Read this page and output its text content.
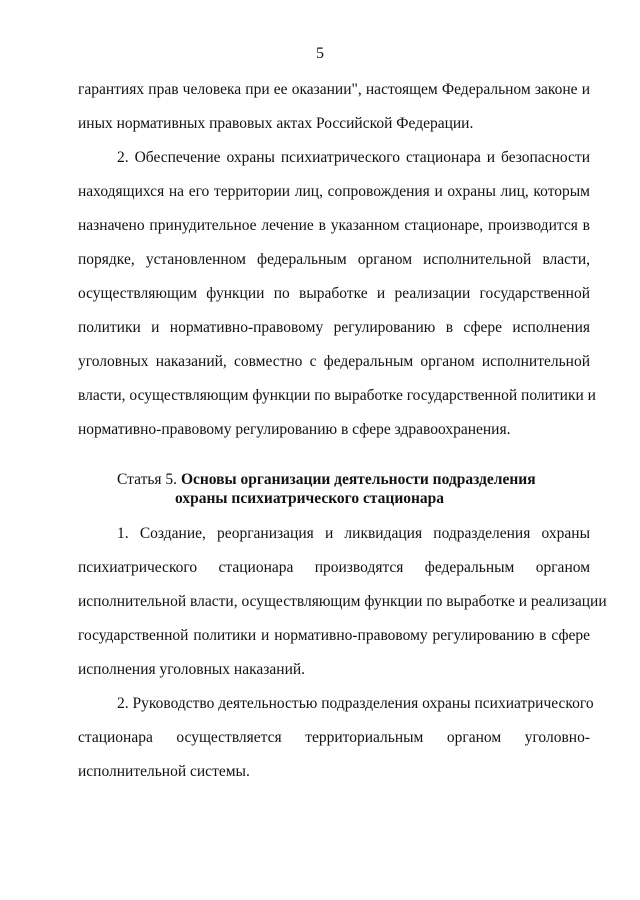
5
гарантиях прав человека при ее оказании", настоящем Федеральном законе и
иных нормативных правовых актах Российской Федерации.
2. Обеспечение охраны психиатрического стационара и безопасности
находящихся на его территории лиц, сопровождения и охраны лиц, которым
назначено принудительное лечение в указанном стационаре, производится в
порядке, установленном федеральным органом исполнительной власти,
осуществляющим функции по выработке и реализации государственной
политики и нормативно-правовому регулированию в сфере исполнения
уголовных наказаний, совместно с федеральным органом исполнительной
власти, осуществляющим функции по выработке государственной политики и
нормативно-правовому регулированию в сфере здравоохранения.
Статья 5. Основы организации деятельности подразделения
охраны психиатрического стационара
1. Создание, реорганизация и ликвидация подразделения охраны
психиатрического стационара производятся федеральным органом
исполнительной власти, осуществляющим функции по выработке и реализации
государственной политики и нормативно-правовому регулированию в сфере
исполнения уголовных наказаний.
2. Руководство деятельностью подразделения охраны психиатрического
стационара осуществляется территориальным органом уголовно-
исполнительной системы.
